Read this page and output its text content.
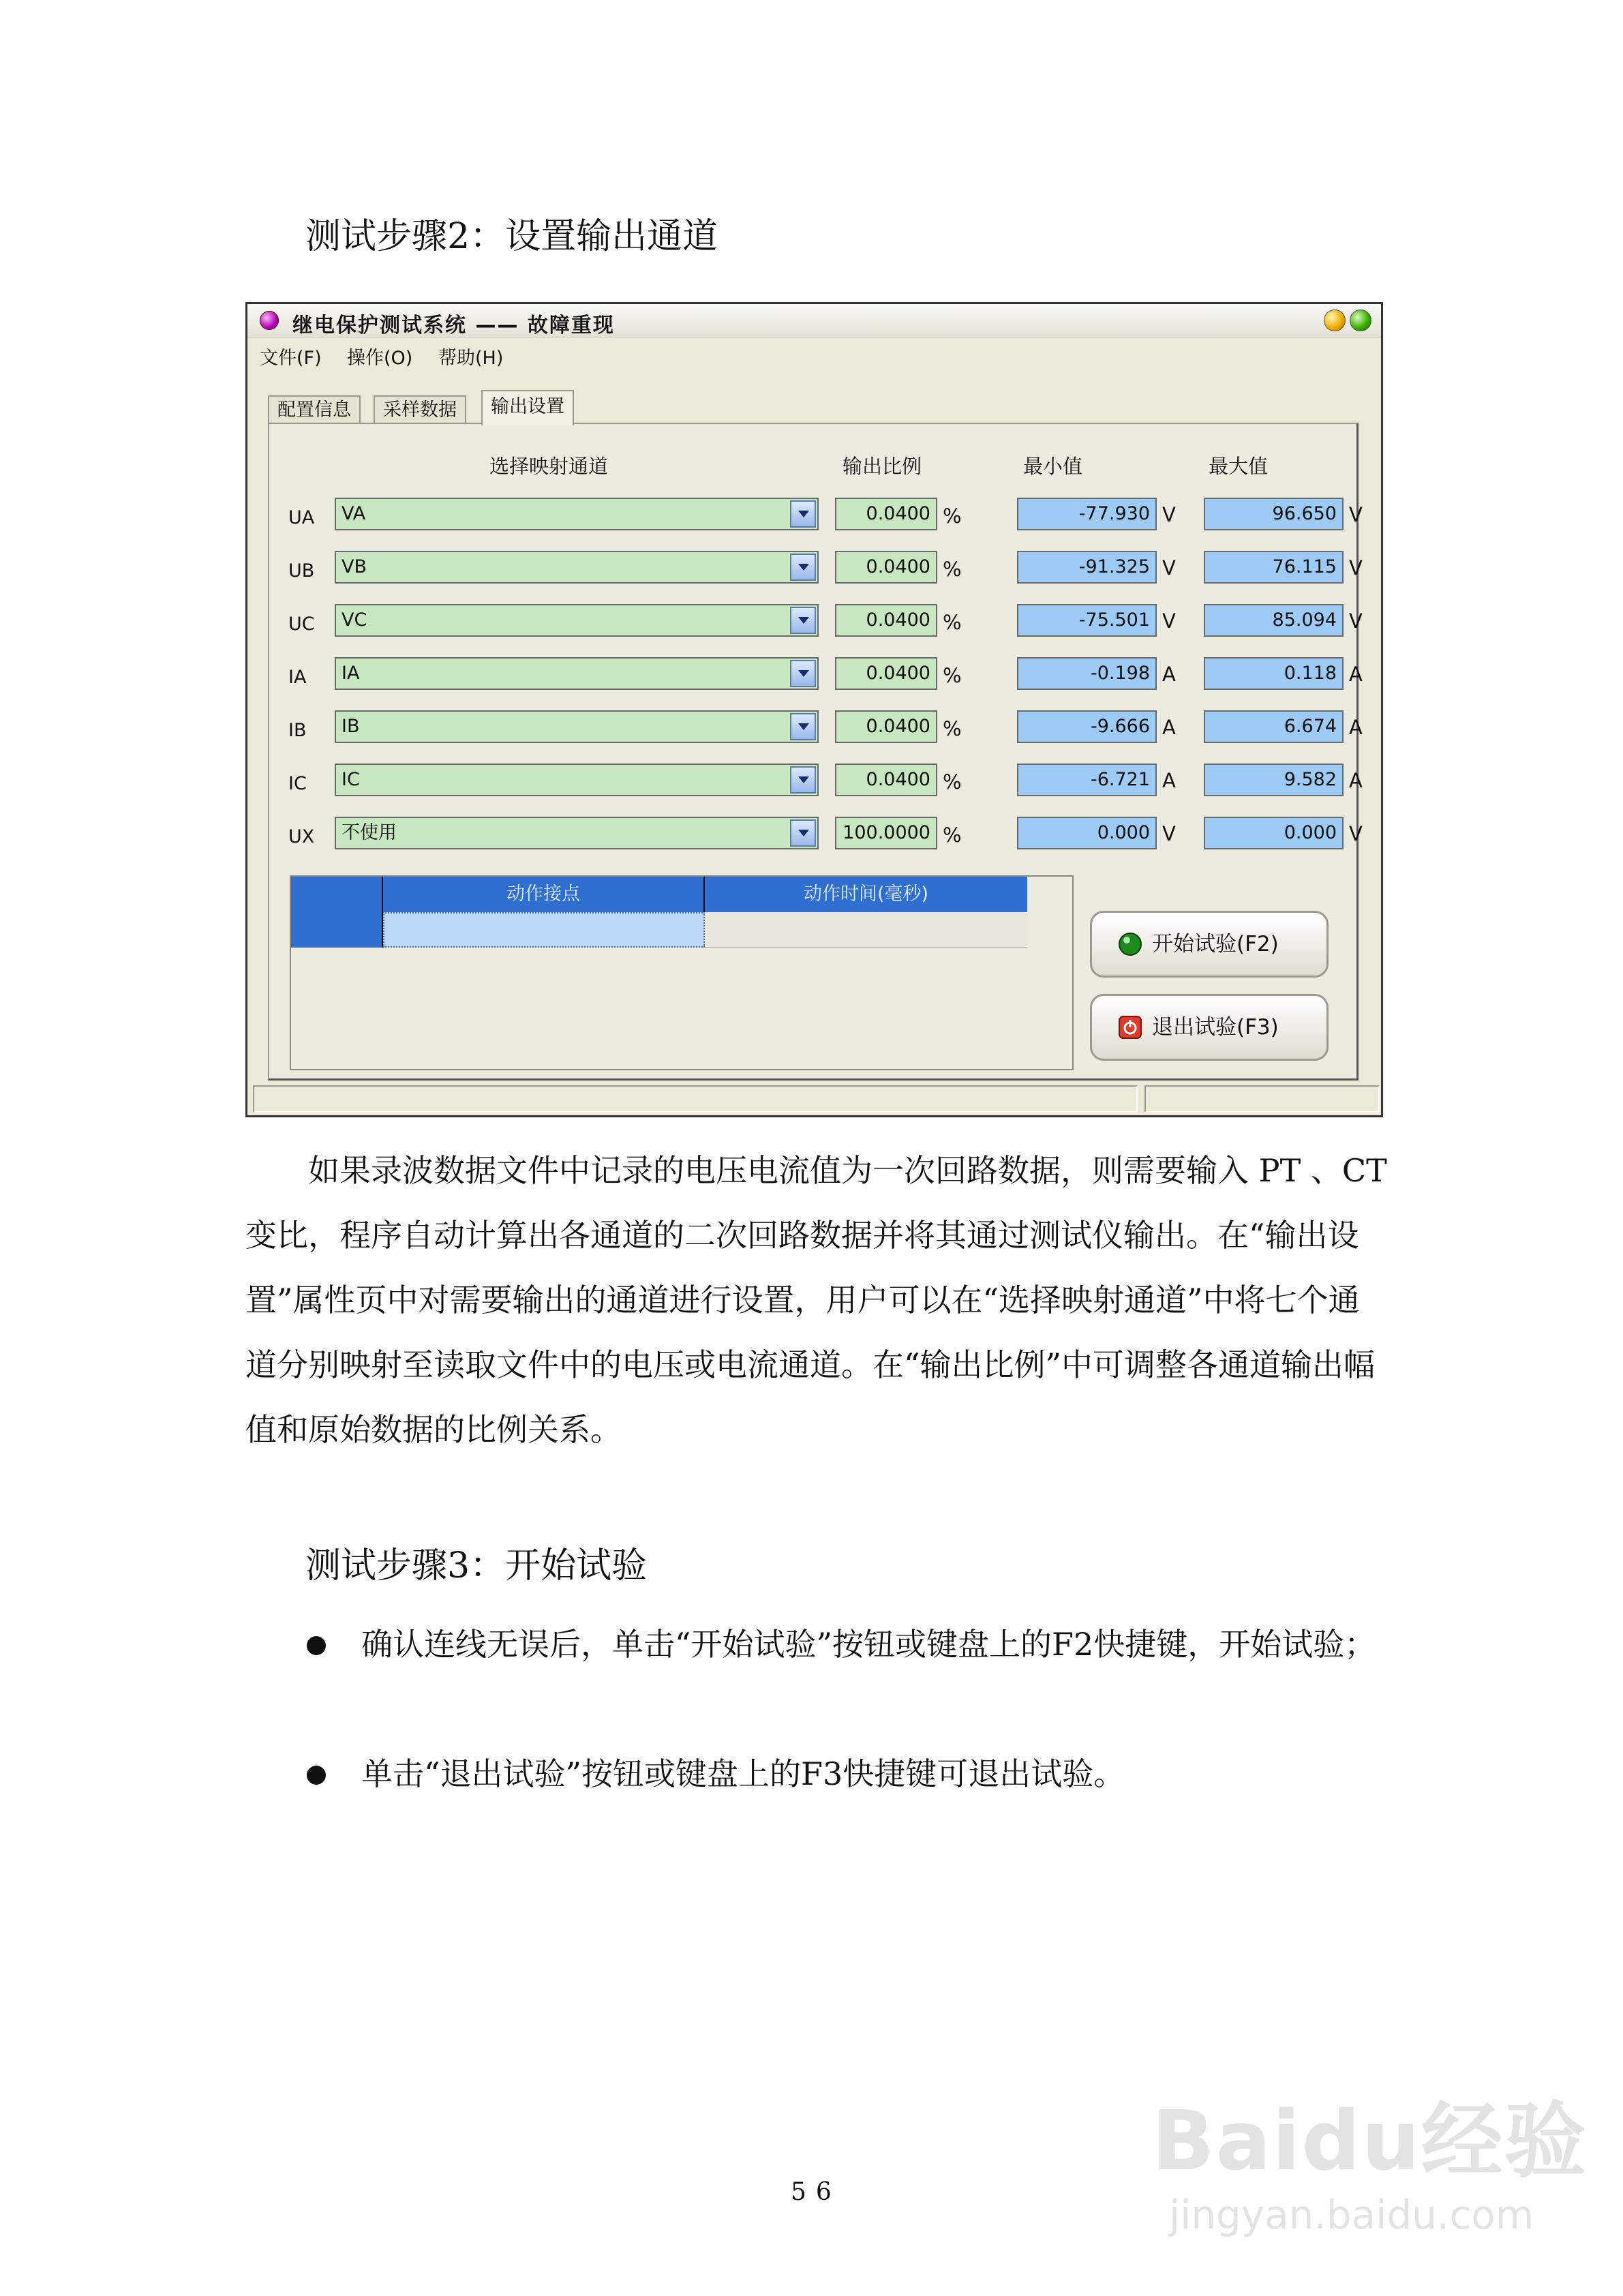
测试步骤2：设置输出通道
继电保护测试系统 —— 故障重现
文件(F) 操作(O) 帮助(H)
配置信息	采样数据	输出设置
选择映射通道	输出比例	最小值	最大值
动作接点	动作时间(毫秒)
开始试验(F2)
退出试验(F3)
UA	VA	0.0400 %	-77.930 V	96.650 V
UB	VB	0.0400 %	-91.325 V	76.115 V
UC	VC	0.0400 %	-75.501 V	85.094 V
IA	IA	0.0400 %	-0.198 A	0.118 A
IB	IB	0.0400 %	-9.666 A	6.674 A
IC	IC	0.0400 %	-6.721 A	9.582 A
UX	不使用	100.0000 %	0.000 V	0.000 V
如果录波数据文件中记录的电压电流值为一次回路数据，则需要输入 PT 、CT 变比，程序自动计算出各通道的二次回路数据并将其通过测试仪输出。在“输出设置”属性页中对需要输出的通道进行设置，用户可以在“选择映射通道”中将七个通道分别映射至读取文件中的电压或电流通道。在“输出比例”中可调整各通道输出幅值和原始数据的比例关系。
测试步骤3：开始试验
确认连线无误后，单击“开始试验”按钮或键盘上的F2快捷键，开始试验；
单击“退出试验”按钮或键盘上的F3快捷键可退出试验。
56
Baidu经验
jingyan.baidu.com
